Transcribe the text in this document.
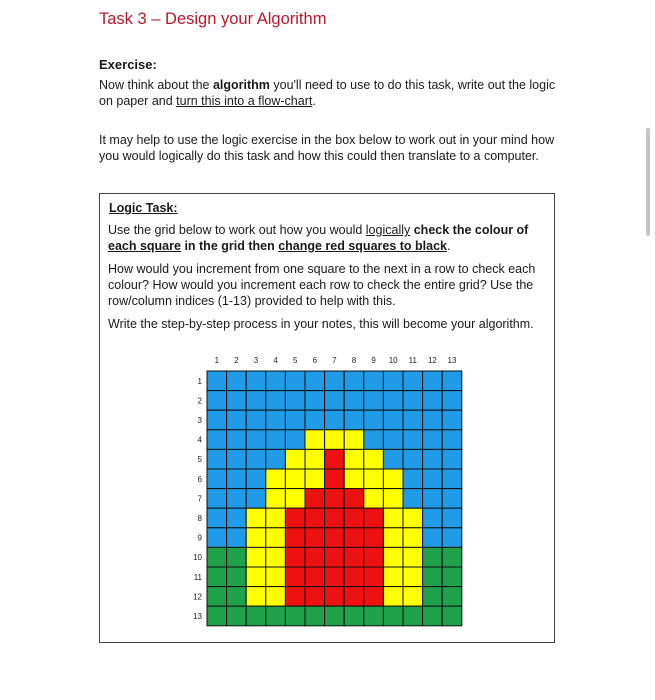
Task 3 – Design your Algorithm
Exercise:
Now think about the algorithm you'll need to use to do this task, write out the logic on paper and turn this into a flow-chart.
It may help to use the logic exercise in the box below to work out in your mind how you would logically do this task and how this could then translate to a computer.
Logic Task:
Use the grid below to work out how you would logically check the colour of each square in the grid then change red squares to black.
How would you increment from one square to the next in a row to check each colour? How would you increment each row to check the entire grid? Use the row/column indices (1-13) provided to help with this.
Write the step-by-step process in your notes, this will become your algorithm.
1 2 3 4 5 6 7 8 9 10 11 12 13
1
2
3
4
5
6
7
8
9
10
11
12
13
